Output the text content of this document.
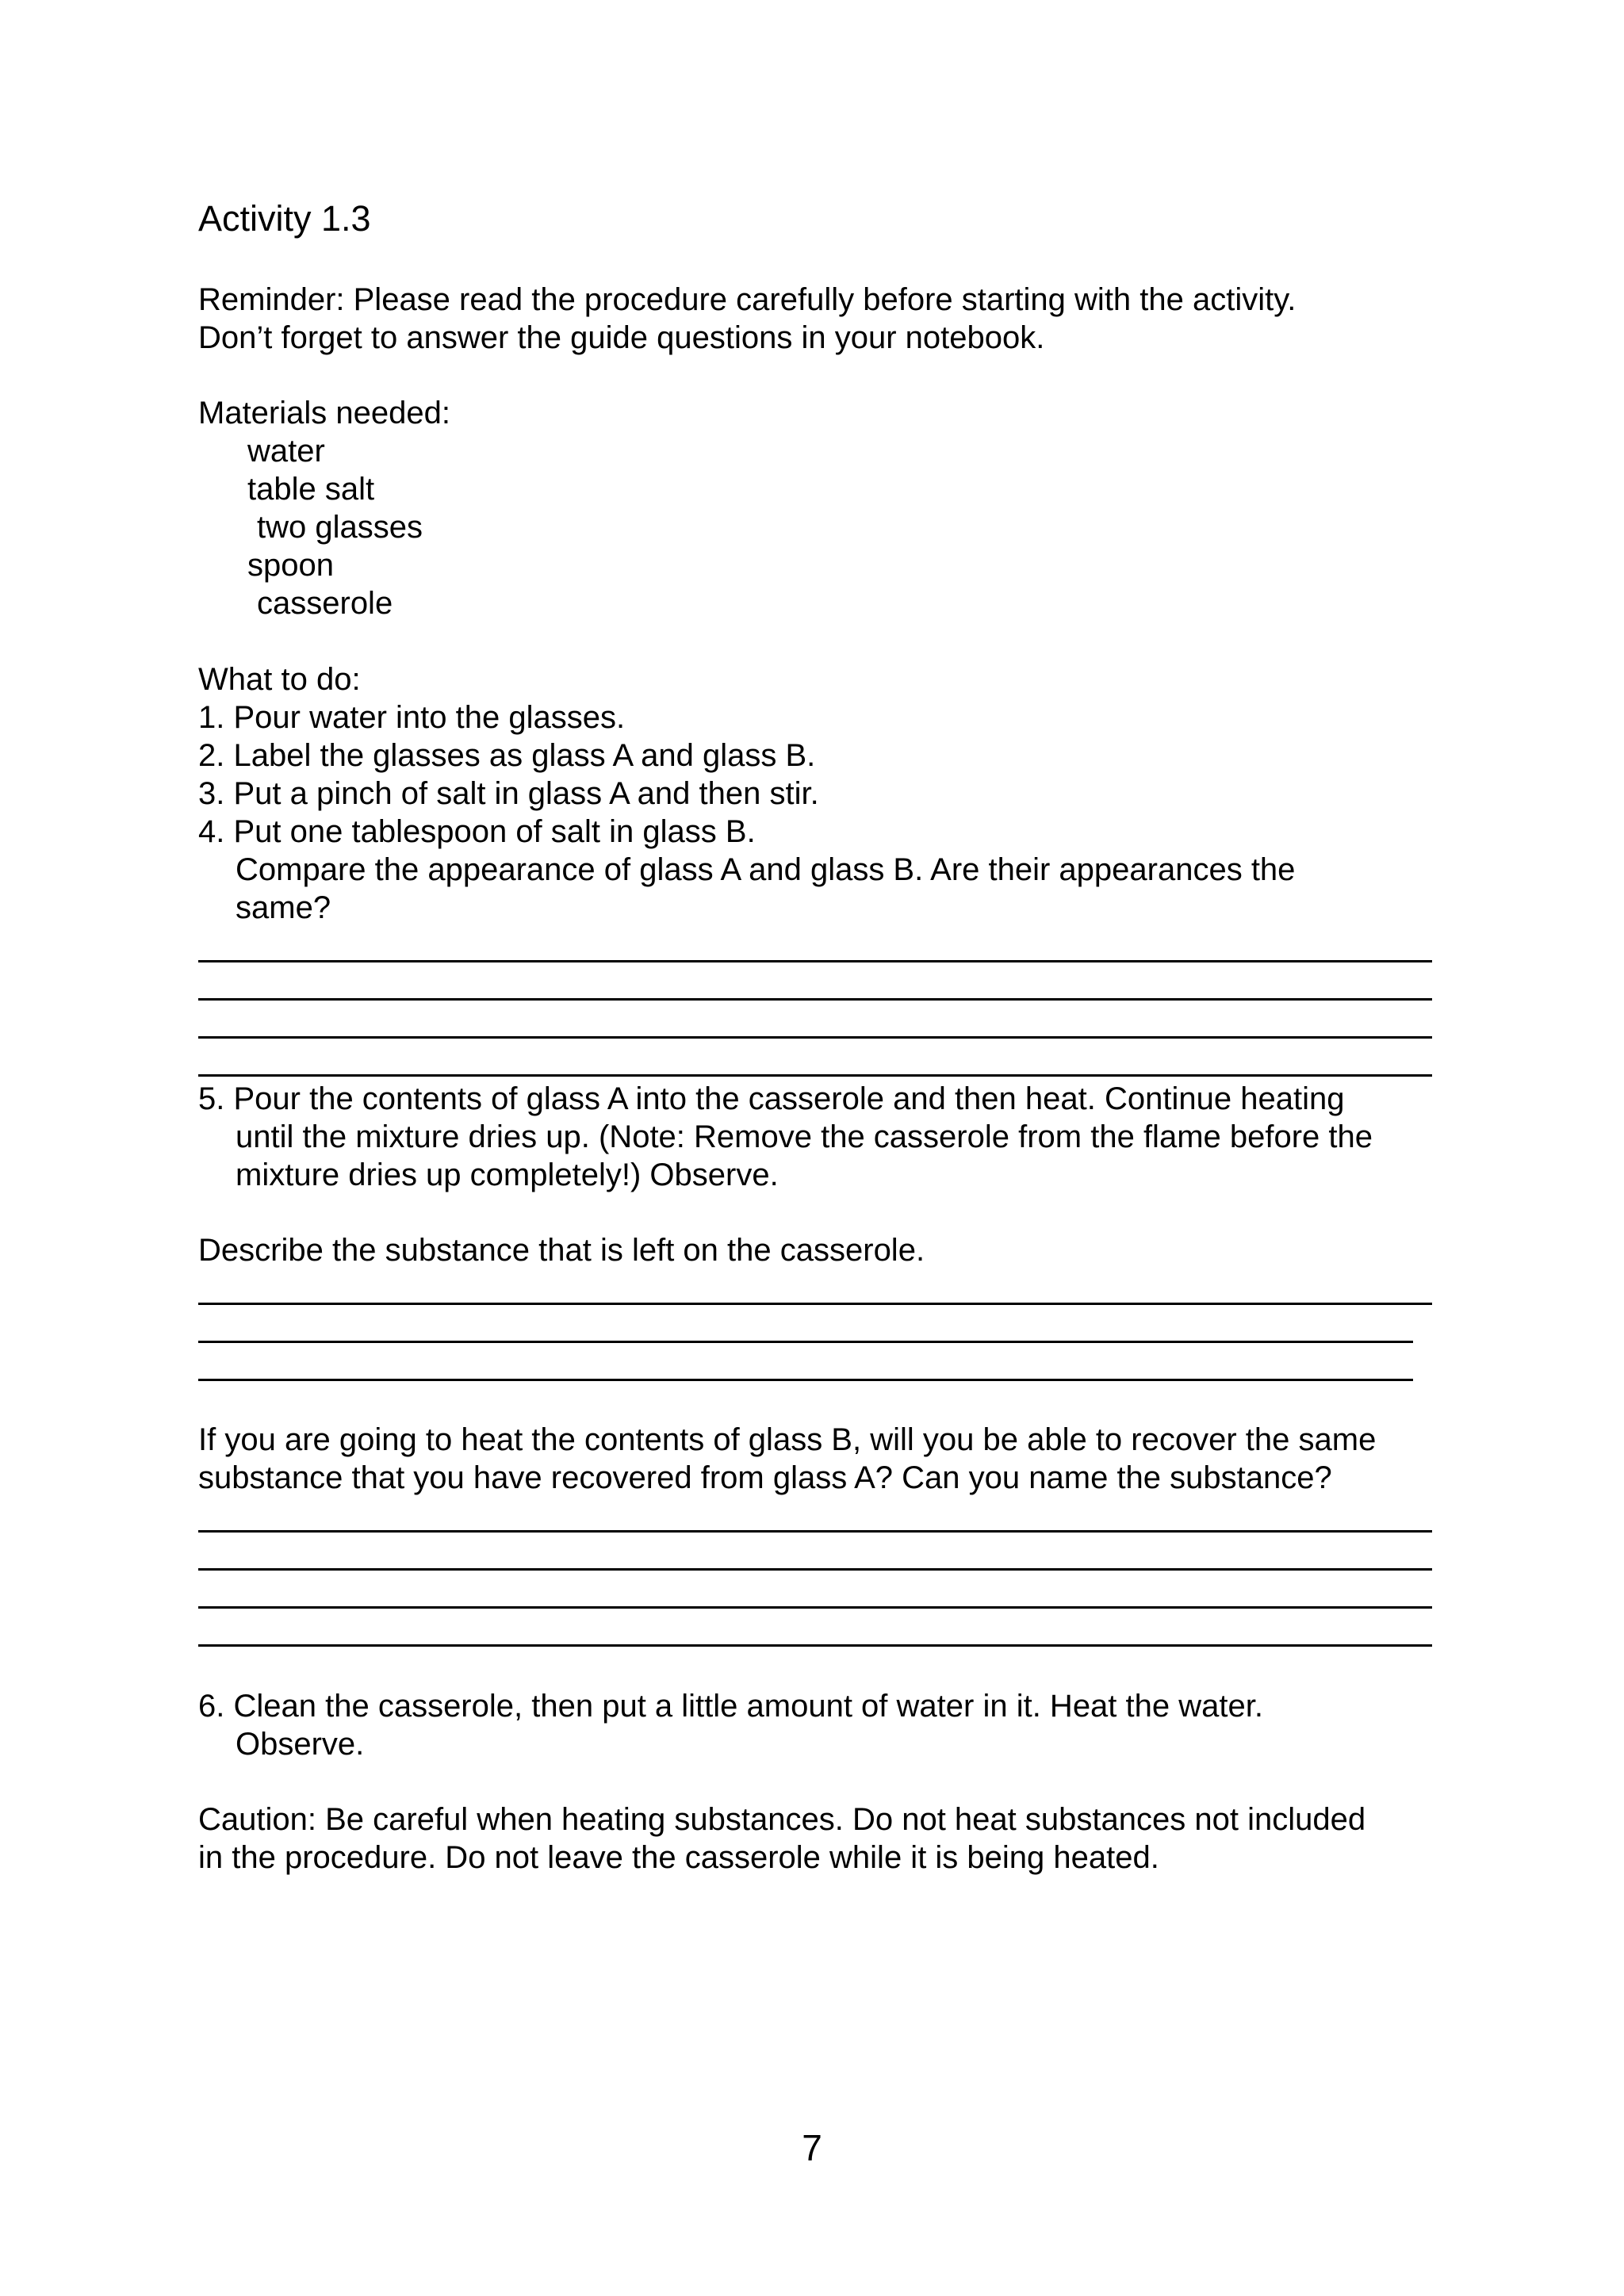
Activity 1.3
Reminder: Please read the procedure carefully before starting with the activity.
Don’t forget to answer the guide questions in your notebook.
Materials needed:
water
table salt
two glasses
spoon
casserole
What to do:
1. Pour water into the glasses.
2. Label the glasses as glass A and glass B.
3. Put a pinch of salt in glass A and then stir.
4. Put one tablespoon of salt in glass B.
Compare the appearance of glass A and glass B. Are their appearances the
same?
5. Pour the contents of glass A into the casserole and then heat. Continue heating
until the mixture dries up. (Note: Remove the casserole from the flame before the
mixture dries up completely!) Observe.
Describe the substance that is left on the casserole.
If you are going to heat the contents of glass B, will you be able to recover the same
substance that you have recovered from glass A? Can you name the substance?
6. Clean the casserole, then put a little amount of water in it. Heat the water.
Observe.
Caution: Be careful when heating substances. Do not heat substances not included
in the procedure. Do not leave the casserole while it is being heated.
7
